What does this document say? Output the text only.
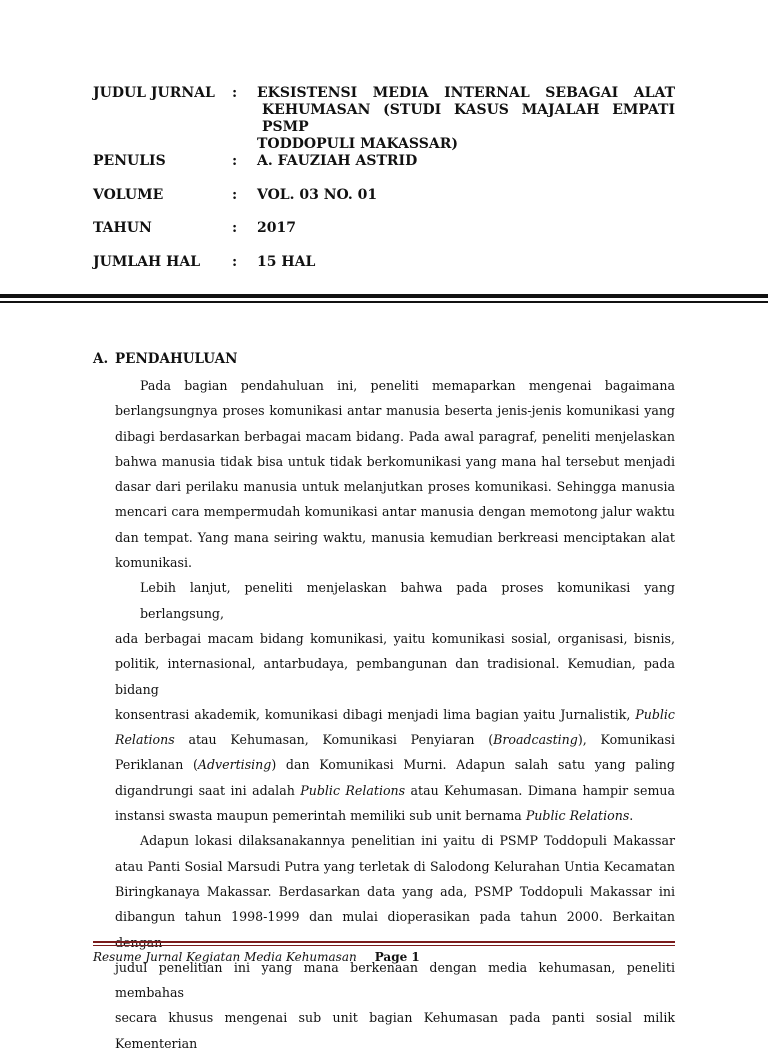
JUDUL JURNAL : EKSISTENSI MEDIA INTERNAL SEBAGAI ALAT
KEHUMASAN (STUDI KASUS MAJALAH EMPATI PSMP
TODDOPULI MAKASSAR)
PENULIS	: A. FAUZIAH ASTRID
VOLUME	: VOL. 03 NO. 01
TAHUN	: 2017
JUMLAH HAL : 15 HAL
A. PENDAHULUAN

Pada bagian pendahuluan ini, peneliti memaparkan mengenai bagaimana
berlangsungnya proses komunikasi antar manusia beserta jenis-jenis komunikasi yang
dibagi berdasarkan berbagai macam bidang. Pada awal paragraf, peneliti menjelaskan
bahwa manusia tidak bisa untuk tidak berkomunikasi yang mana hal tersebut menjadi
dasar dari perilaku manusia untuk melanjutkan proses komunikasi. Sehingga manusia
mencari cara mempermudah komunikasi antar manusia dengan memotong jalur waktu
dan tempat. Yang mana seiring waktu, manusia kemudian berkreasi menciptakan alat
komunikasi.

Lebih lanjut, peneliti menjelaskan bahwa pada proses komunikasi yang berlangsung,
ada berbagai macam bidang komunikasi, yaitu komunikasi sosial, organisasi, bisnis,
politik, internasional, antarbudaya, pembangunan dan tradisional. Kemudian, pada bidang
konsentrasi akademik, komunikasi dibagi menjadi lima bagian yaitu Jurnalistik, Public
Relations atau Kehumasan, Komunikasi Penyiaran (Broadcasting), Komunikasi
Periklanan (Advertising) dan Komunikasi Murni. Adapun salah satu yang paling
digandrungi saat ini adalah Public Relations atau Kehumasan. Dimana hampir semua
instansi swasta maupun pemerintah memiliki sub unit bernama Public Relations.

Adapun lokasi dilaksanakannya penelitian ini yaitu di PSMP Toddopuli Makassar
atau Panti Sosial Marsudi Putra yang terletak di Salodong Kelurahan Untia Kecamatan
Biringkanaya Makassar. Berdasarkan data yang ada, PSMP Toddopuli Makassar ini
dibangun tahun 1998-1999 dan mulai dioperasikan pada tahun 2000. Berkaitan
judul penelitian ini yang mana berkenaan dengan media kehumasan, peneliti membahas
secara khusus mengenai sub unit bagian Kehumasan pada panti sosial milik Kementerian

Resume Jurnal Kegiatan Media Kehumasan Page 1
